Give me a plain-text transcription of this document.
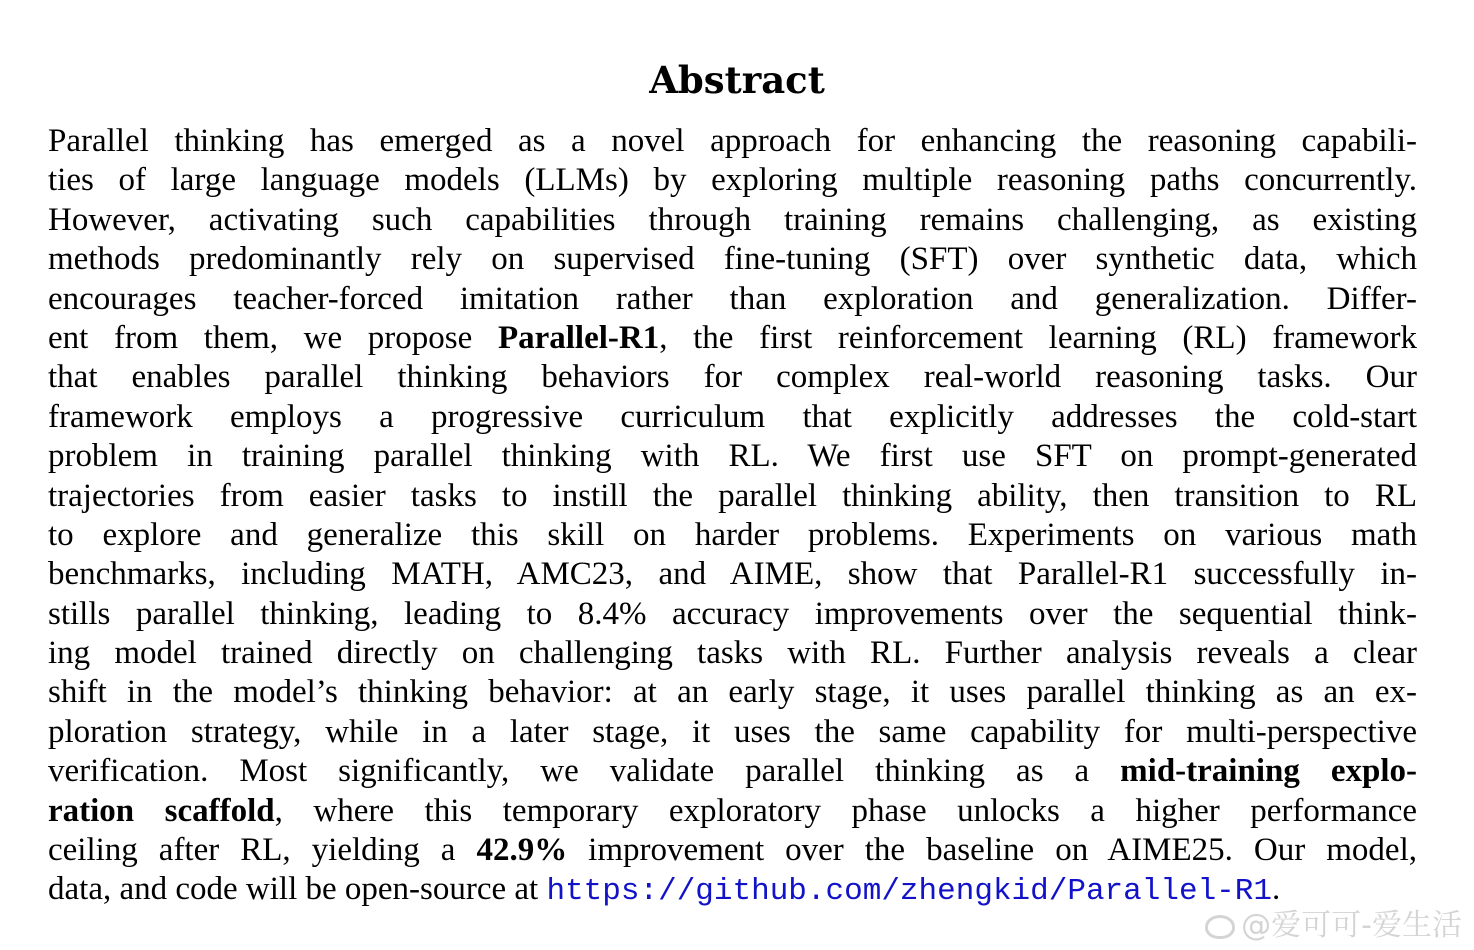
Abstract
Parallel thinking has emerged as a novel approach for enhancing the reasoning capabili-
ties of large language models (LLMs) by exploring multiple reasoning paths concurrently.
However, activating such capabilities through training remains challenging, as existing
methods predominantly rely on supervised fine-tuning (SFT) over synthetic data, which
encourages teacher-forced imitation rather than exploration and generalization. Differ-
ent from them, we propose Parallel-R1, the first reinforcement learning (RL) framework
that enables parallel thinking behaviors for complex real-world reasoning tasks. Our
framework employs a progressive curriculum that explicitly addresses the cold-start
problem in training parallel thinking with RL. We first use SFT on prompt-generated
trajectories from easier tasks to instill the parallel thinking ability, then transition to RL
to explore and generalize this skill on harder problems. Experiments on various math
benchmarks, including MATH, AMC23, and AIME, show that Parallel-R1 successfully in-
stills parallel thinking, leading to 8.4% accuracy improvements over the sequential think-
ing model trained directly on challenging tasks with RL. Further analysis reveals a clear
shift in the model’s thinking behavior: at an early stage, it uses parallel thinking as an ex-
ploration strategy, while in a later stage, it uses the same capability for multi-perspective
verification. Most significantly, we validate parallel thinking as a mid-training explo-
ration scaffold, where this temporary exploratory phase unlocks a higher performance
ceiling after RL, yielding a 42.9% improvement over the baseline on AIME25. Our model,
data, and code will be open-source at https://github.com/zhengkid/Parallel-R1.
@爱可可-爱生活
